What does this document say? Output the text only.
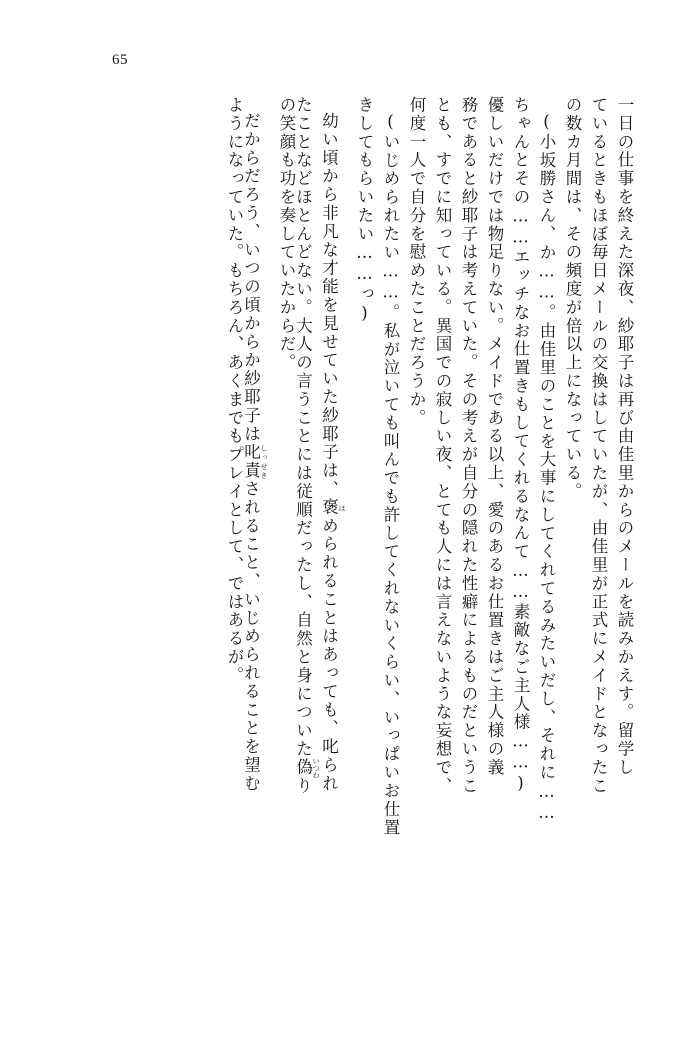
65
一日の仕事を終えた深夜、紗耶子は再び由佳里からのメールを読みかえす。留学し
ているときもほぼ毎日メールの交換はしていたが、由佳里が正式にメイドとなったこ
の数カ月間は、その頻度が倍以上になっている。
(小坂勝さん、か……。由佳里のことを大事にしてくれてるみたいだし、それに……
ちゃんとその……エッチなお仕置きもしてくれるなんて……素敵なご主人様……)
優しいだけでは物足りない。メイドである以上、愛のあるお仕置きはご主人様の義
務であると紗耶子は考えていた。その考えが自分の隠れた性癖によるものだというこ
とも、すでに知っている。異国での寂しい夜、とても人には言えないような妄想で、
何度一人で自分を慰めたことだろうか。
(いじめられたい……。私が泣いても叫んでも許してくれないくらい、いっぱいお仕置
きしてもらいたい……っ)
幼い頃から非凡な才能を見せていた紗耶子は、褒 ほめられることはあっても、叱られ
たことなどほとんどない。大人の言うことには従順だったし、自然と身についた偽 いつわり
の笑顔も功を奏していたからだ。
だからだろう、いつの頃からか紗耶子は叱責 しっせきされること、いじめられることを望む
ようになっていた。もちろん、あくまでもプレイとして、ではあるが。
